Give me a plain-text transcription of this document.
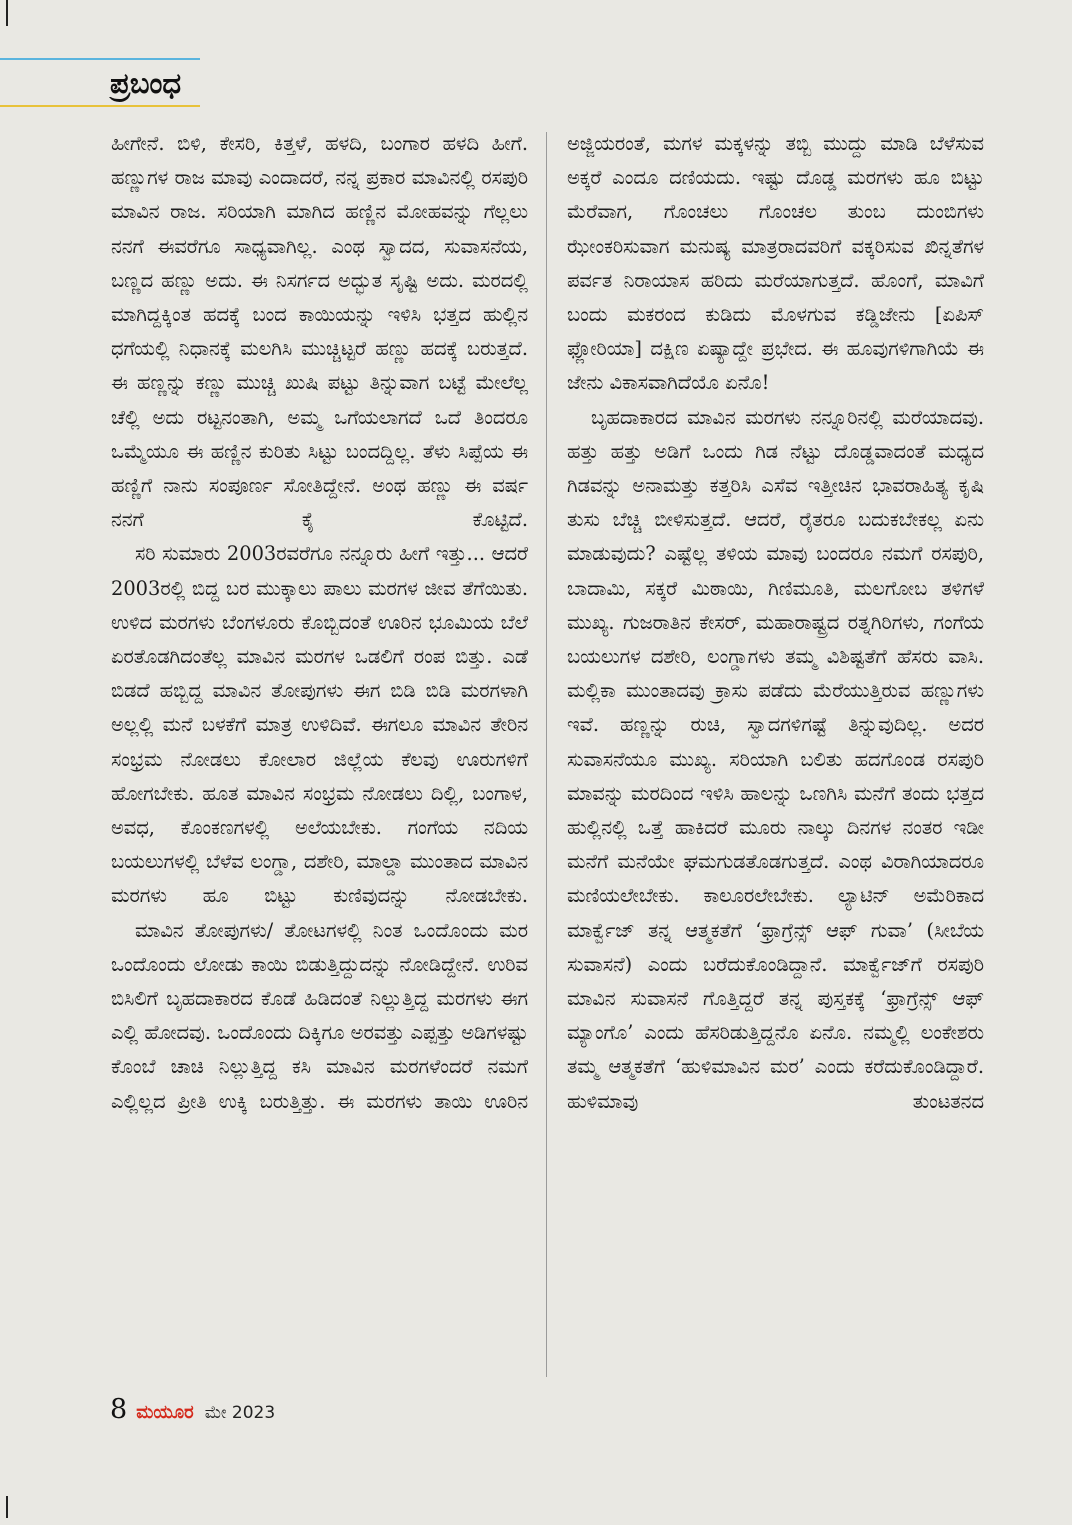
ಪ್ರಬಂಧ

ಹೀಗೇನೆ. ಬಿಳಿ, ಕೇಸರಿ, ಕಿತ್ತಳೆ, ಹಳದಿ, ಬಂಗಾರ ಹಳದಿ ಹೀಗೆ. ಹಣ್ಣುಗಳ ರಾಜ ಮಾವು ಎಂದಾದರೆ, ನನ್ನ ಪ್ರಕಾರ ಮಾವಿನಲ್ಲಿ ರಸಪುರಿ ಮಾವಿನ ರಾಜ. ಸರಿಯಾಗಿ ಮಾಗಿದ ಹಣ್ಣಿನ ಮೋಹವನ್ನು ಗೆಲ್ಲಲು ನನಗೆ ಈವರೆಗೂ ಸಾಧ್ಯವಾಗಿಲ್ಲ. ಎಂಥ ಸ್ವಾದದ, ಸುವಾಸನೆಯ, ಬಣ್ಣದ ಹಣ್ಣು ಅದು. ಈ ನಿಸರ್ಗದ ಅದ್ಭುತ ಸೃಷ್ಟಿ ಅದು. ಮರದಲ್ಲಿ ಮಾಗಿದ್ದಕ್ಕಿಂತ ಹದಕ್ಕೆ ಬಂದ ಕಾಯಿಯನ್ನು ಇಳಿಸಿ ಭತ್ತದ ಹುಲ್ಲಿನ ಧಗೆಯಲ್ಲಿ ನಿಧಾನಕ್ಕೆ ಮಲಗಿಸಿ ಮುಚ್ಚಿಟ್ಟರೆ ಹಣ್ಣು ಹದಕ್ಕೆ ಬರುತ್ತದೆ. ಈ ಹಣ್ಣನ್ನು ಕಣ್ಣು ಮುಚ್ಚಿ ಖುಷಿ ಪಟ್ಟು ತಿನ್ನುವಾಗ ಬಟ್ಟೆ ಮೇಲೆಲ್ಲ ಚೆಲ್ಲಿ ಅದು ರಟ್ಟನಂತಾಗಿ, ಅಮ್ಮ ಒಗೆಯಲಾಗದೆ ಒದೆ ತಿಂದರೂ ಒಮ್ಮೆಯೂ ಈ ಹಣ್ಣಿನ ಕುರಿತು ಸಿಟ್ಟು ಬಂದದ್ದಿಲ್ಲ. ತೆಳು ಸಿಪ್ಪೆಯ ಈ ಹಣ್ಣಿಗೆ ನಾನು ಸಂಪೂರ್ಣ ಸೋತಿದ್ದೇನೆ. ಅಂಥ ಹಣ್ಣು ಈ ವರ್ಷ ನನಗೆ ಕೈ ಕೊಟ್ಟಿದೆ.

ಸರಿ ಸುಮಾರು 2003ರವರೆಗೂ ನನ್ನೂರು ಹೀಗೆ ಇತ್ತು... ಆದರೆ 2003ರಲ್ಲಿ ಬಿದ್ದ ಬರ ಮುಕ್ಕಾಲು ಪಾಲು ಮರಗಳ ಜೀವ ತೆಗೆಯಿತು. ಉಳಿದ ಮರಗಳು ಬೆಂಗಳೂರು ಕೊಬ್ಬಿದಂತೆ ಊರಿನ ಭೂಮಿಯ ಬೆಲೆ ಏರತೊಡಗಿದಂತೆಲ್ಲ ಮಾವಿನ ಮರಗಳ ಒಡಲಿಗೆ ರಂಪ ಬಿತ್ತು. ಎಡೆ ಬಿಡದೆ ಹಬ್ಬಿದ್ದ ಮಾವಿನ ತೋಪುಗಳು ಈಗ ಬಿಡಿ ಬಿಡಿ ಮರಗಳಾಗಿ ಅಲ್ಲಲ್ಲಿ ಮನೆ ಬಳಕೆಗೆ ಮಾತ್ರ ಉಳಿದಿವೆ. ಈಗಲೂ ಮಾವಿನ ತೇರಿನ ಸಂಭ್ರಮ ನೋಡಲು ಕೋಲಾರ ಜಿಲ್ಲೆಯ ಕೆಲವು ಊರುಗಳಿಗೆ ಹೋಗಬೇಕು. ಹೂತ ಮಾವಿನ ಸಂಭ್ರಮ ನೋಡಲು ದಿಲ್ಲಿ, ಬಂಗಾಳ, ಅವಧ, ಕೊಂಕಣಗಳಲ್ಲಿ ಅಲೆಯಬೇಕು. ಗಂಗೆಯ ನದಿಯ ಬಯಲುಗಳಲ್ಲಿ ಬೆಳೆವ ಲಂಗ್ಡಾ, ದಶೇರಿ, ಮಾಲ್ಡಾ ಮುಂತಾದ ಮಾವಿನ ಮರಗಳು ಹೂ ಬಿಟ್ಟು ಕುಣಿವುದನ್ನು ನೋಡಬೇಕು.

ಮಾವಿನ ತೋಪುಗಳು/ ತೋಟಗಳಲ್ಲಿ ನಿಂತ ಒಂದೊಂದು ಮರ ಒಂದೊಂದು ಲೋಡು ಕಾಯಿ ಬಿಡುತ್ತಿದ್ದುದನ್ನು ನೋಡಿದ್ದೇನೆ. ಉರಿವ ಬಿಸಿಲಿಗೆ ಬೃಹದಾಕಾರದ ಕೊಡೆ ಹಿಡಿದಂತೆ ನಿಲ್ಲುತ್ತಿದ್ದ ಮರಗಳು ಈಗ ಎಲ್ಲಿ ಹೋದವು. ಒಂದೊಂದು ದಿಕ್ಕಿಗೂ ಅರವತ್ತು ಎಪ್ಪತ್ತು ಅಡಿಗಳಷ್ಟು ಕೊಂಬೆ ಚಾಚಿ ನಿಲ್ಲುತ್ತಿದ್ದ ಕಸಿ ಮಾವಿನ ಮರಗಳೆಂದರೆ ನಮಗೆ ಎಲ್ಲಿಲ್ಲದ ಪ್ರೀತಿ ಉಕ್ಕಿ ಬರುತ್ತಿತ್ತು. ಈ ಮರಗಳು ತಾಯಿ ಊರಿನ

ಅಜ್ಜಿಯರಂತೆ, ಮಗಳ ಮಕ್ಕಳನ್ನು ತಬ್ಬಿ ಮುದ್ದು ಮಾಡಿ ಬೆಳೆಸುವ ಅಕ್ಕರೆ ಎಂದೂ ದಣಿಯದು. ಇಷ್ಟು ದೊಡ್ಡ ಮರಗಳು ಹೂ ಬಿಟ್ಟು ಮೆರೆವಾಗ, ಗೊಂಚಲು ಗೊಂಚಲ ತುಂಬ ದುಂಬಿಗಳು ಝೇಂಕರಿಸುವಾಗ ಮನುಷ್ಯ ಮಾತ್ರರಾದವರಿಗೆ ವಕ್ಕರಿಸುವ ಖಿನ್ನತೆಗಳ ಪರ್ವತ ನಿರಾಯಾಸ ಹರಿದು ಮರೆಯಾಗುತ್ತದೆ. ಹೊಂಗೆ, ಮಾವಿಗೆ ಬಂದು ಮಕರಂದ ಕುಡಿದು ಮೊಳಗುವ ಕಡ್ಡಿಜೇನು [ಏಪಿಸ್ ಫ್ಲೋರಿಯಾ] ದಕ್ಷಿಣ ಏಷ್ಯಾದ್ದೇ ಪ್ರಭೇದ. ಈ ಹೂವುಗಳಿಗಾಗಿಯೆ ಈ ಜೇನು ವಿಕಾಸವಾಗಿದೆಯೊ ಏನೊ!

ಬೃಹದಾಕಾರದ ಮಾವಿನ ಮರಗಳು ನನ್ನೂರಿನಲ್ಲಿ ಮರೆಯಾದವು. ಹತ್ತು ಹತ್ತು ಅಡಿಗೆ ಒಂದು ಗಿಡ ನೆಟ್ಟು ದೊಡ್ಡವಾದಂತೆ ಮಧ್ಯದ ಗಿಡವನ್ನು ಅನಾಮತ್ತು ಕತ್ತರಿಸಿ ಎಸೆವ ಇತ್ತೀಚಿನ ಭಾವರಾಹಿತ್ಯ ಕೃಷಿ ತುಸು ಬೆಚ್ಚಿ ಬೀಳಿಸುತ್ತದೆ. ಆದರೆ, ರೈತರೂ ಬದುಕಬೇಕಲ್ಲ ಏನು ಮಾಡುವುದು? ಎಷ್ಟೆಲ್ಲ ತಳಿಯ ಮಾವು ಬಂದರೂ ನಮಗೆ ರಸಪುರಿ, ಬಾದಾಮಿ, ಸಕ್ಕರೆ ಮಿಠಾಯಿ, ಗಿಣಿಮೂತಿ, ಮಲಗೋಬ ತಳಿಗಳೆ ಮುಖ್ಯ. ಗುಜರಾತಿನ ಕೇಸರ್, ಮಹಾರಾಷ್ಟ್ರದ ರತ್ನಗಿರಿಗಳು, ಗಂಗೆಯ ಬಯಲುಗಳ ದಶೇರಿ, ಲಂಗ್ಡಾಗಳು ತಮ್ಮ ವಿಶಿಷ್ಟತೆಗೆ ಹೆಸರು ವಾಸಿ. ಮಲ್ಲಿಕಾ ಮುಂತಾದವು ಕ್ರಾಸು ಪಡೆದು ಮೆರೆಯುತ್ತಿರುವ ಹಣ್ಣುಗಳು ಇವೆ. ಹಣ್ಣನ್ನು ರುಚಿ, ಸ್ವಾದಗಳಿಗಷ್ಟೆ ತಿನ್ನುವುದಿಲ್ಲ. ಅದರ ಸುವಾಸನೆಯೂ ಮುಖ್ಯ. ಸರಿಯಾಗಿ ಬಲಿತು ಹದಗೊಂಡ ರಸಪುರಿ ಮಾವನ್ನು ಮರದಿಂದ ಇಳಿಸಿ ಹಾಲನ್ನು ಒಣಗಿಸಿ ಮನೆಗೆ ತಂದು ಭತ್ತದ ಹುಲ್ಲಿನಲ್ಲಿ ಒತ್ತೆ ಹಾಕಿದರೆ ಮೂರು ನಾಲ್ಕು ದಿನಗಳ ನಂತರ ಇಡೀ ಮನೆಗೆ ಮನೆಯೇ ಘಮಗುಡತೊಡಗುತ್ತದೆ. ಎಂಥ ವಿರಾಗಿಯಾದರೂ ಮಣಿಯಲೇಬೇಕು. ಕಾಲೂರಲೇಬೇಕು. ಲ್ಯಾಟಿನ್ ಅಮೆರಿಕಾದ ಮಾರ್ಕ್ವೆಜ್ ತನ್ನ ಆತ್ಮಕತೆಗೆ ‘ಫ್ರಾಗ್ರೆನ್ಸ್ ಆಫ್ ಗುವಾ’ (ಸೀಬೆಯ ಸುವಾಸನೆ) ಎಂದು ಬರೆದುಕೊಂಡಿದ್ದಾನೆ. ಮಾರ್ಕ್ವೆಜ್‌ಗೆ ರಸಪುರಿ ಮಾವಿನ ಸುವಾಸನೆ ಗೊತ್ತಿದ್ದರೆ ತನ್ನ ಪುಸ್ತಕಕ್ಕೆ ‘ಫ್ರಾಗ್ರೆನ್ಸ್ ಆಫ್ ಮ್ಯಾಂಗೊ’ ಎಂದು ಹೆಸರಿಡುತ್ತಿದ್ದನೊ ಏನೊ. ನಮ್ಮಲ್ಲಿ ಲಂಕೇಶರು ತಮ್ಮ ಆತ್ಮಕತೆಗೆ ‘ಹುಳಿಮಾವಿನ ಮರ’ ಎಂದು ಕರೆದುಕೊಂಡಿದ್ದಾರೆ. ಹುಳಿಮಾವು ತುಂಟತನದ

8 ಮಯೂರ ಮೇ 2023
